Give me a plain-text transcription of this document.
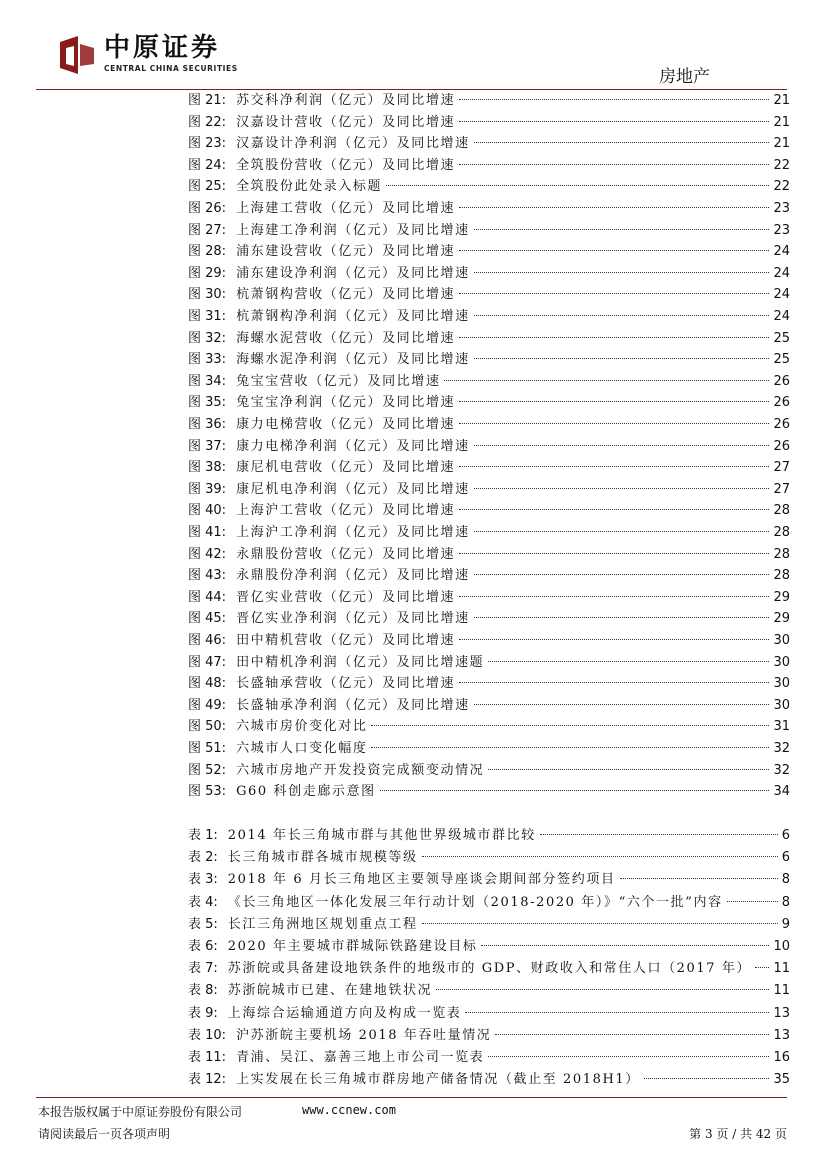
中原证券
CENTRAL CHINA SECURITIES	房地产
图 21: 苏交科净利润（亿元）及同比增速	21
图 22: 汉嘉设计营收（亿元）及同比增速	21
图 23: 汉嘉设计净利润（亿元）及同比增速	21
图 24: 全筑股份营收（亿元）及同比增速	22
图 25: 全筑股份此处录入标题	22
图 26: 上海建工营收（亿元）及同比增速	23
图 27: 上海建工净利润（亿元）及同比增速	23
图 28: 浦东建设营收（亿元）及同比增速	24
图 29: 浦东建设净利润（亿元）及同比增速	24
图 30: 杭萧钢构营收（亿元）及同比增速	24
图 31: 杭萧钢构净利润（亿元）及同比增速	24
图 32: 海螺水泥营收（亿元）及同比增速	25
图 33: 海螺水泥净利润（亿元）及同比增速	25
图 34: 兔宝宝营收（亿元）及同比增速	26
图 35: 兔宝宝净利润（亿元）及同比增速	26
图 36: 康力电梯营收（亿元）及同比增速	26
图 37: 康力电梯净利润（亿元）及同比增速	26
图 38: 康尼机电营收（亿元）及同比增速	27
图 39: 康尼机电净利润（亿元）及同比增速	27
图 40: 上海沪工营收（亿元）及同比增速	28
图 41: 上海沪工净利润（亿元）及同比增速	28
图 42: 永鼎股份营收（亿元）及同比增速	28
图 43: 永鼎股份净利润（亿元）及同比增速	28
图 44: 晋亿实业营收（亿元）及同比增速	29
图 45: 晋亿实业净利润（亿元）及同比增速	29
图 46: 田中精机营收（亿元）及同比增速	30
图 47: 田中精机净利润（亿元）及同比增速题	30
图 48: 长盛轴承营收（亿元）及同比增速	30
图 49: 长盛轴承净利润（亿元）及同比增速	30
图 50: 六城市房价变化对比	31
图 51: 六城市人口变化幅度	32
图 52: 六城市房地产开发投资完成额变动情况	32
图 53: G60 科创走廊示意图	34
表 1: 2014 年长三角城市群与其他世界级城市群比较	6
表 2: 长三角城市群各城市规模等级	6
表 3: 2018 年 6 月长三角地区主要领导座谈会期间部分签约项目	8
表 4: 《长三角地区一体化发展三年行动计划（2018-2020 年）》“六个一批”内容	8
表 5: 长江三角洲地区规划重点工程	9
表 6: 2020 年主要城市群城际铁路建设目标	10
表 7: 苏浙皖或具备建设地铁条件的地级市的 GDP、财政收入和常住人口（2017 年） 11
表 8: 苏浙皖城市已建、在建地铁状况	11
表 9: 上海综合运输通道方向及构成一览表	13
表 10: 沪苏浙皖主要机场 2018 年吞吐量情况	13
表 11: 青浦、吴江、嘉善三地上市公司一览表	16
表 12: 上实发展在长三角城市群房地产储备情况（截止至 2018H1）	35
本报告版权属于中原证券股份有限公司	www.ccnew.com
请阅读最后一页各项声明	第 3 页 / 共 42 页
